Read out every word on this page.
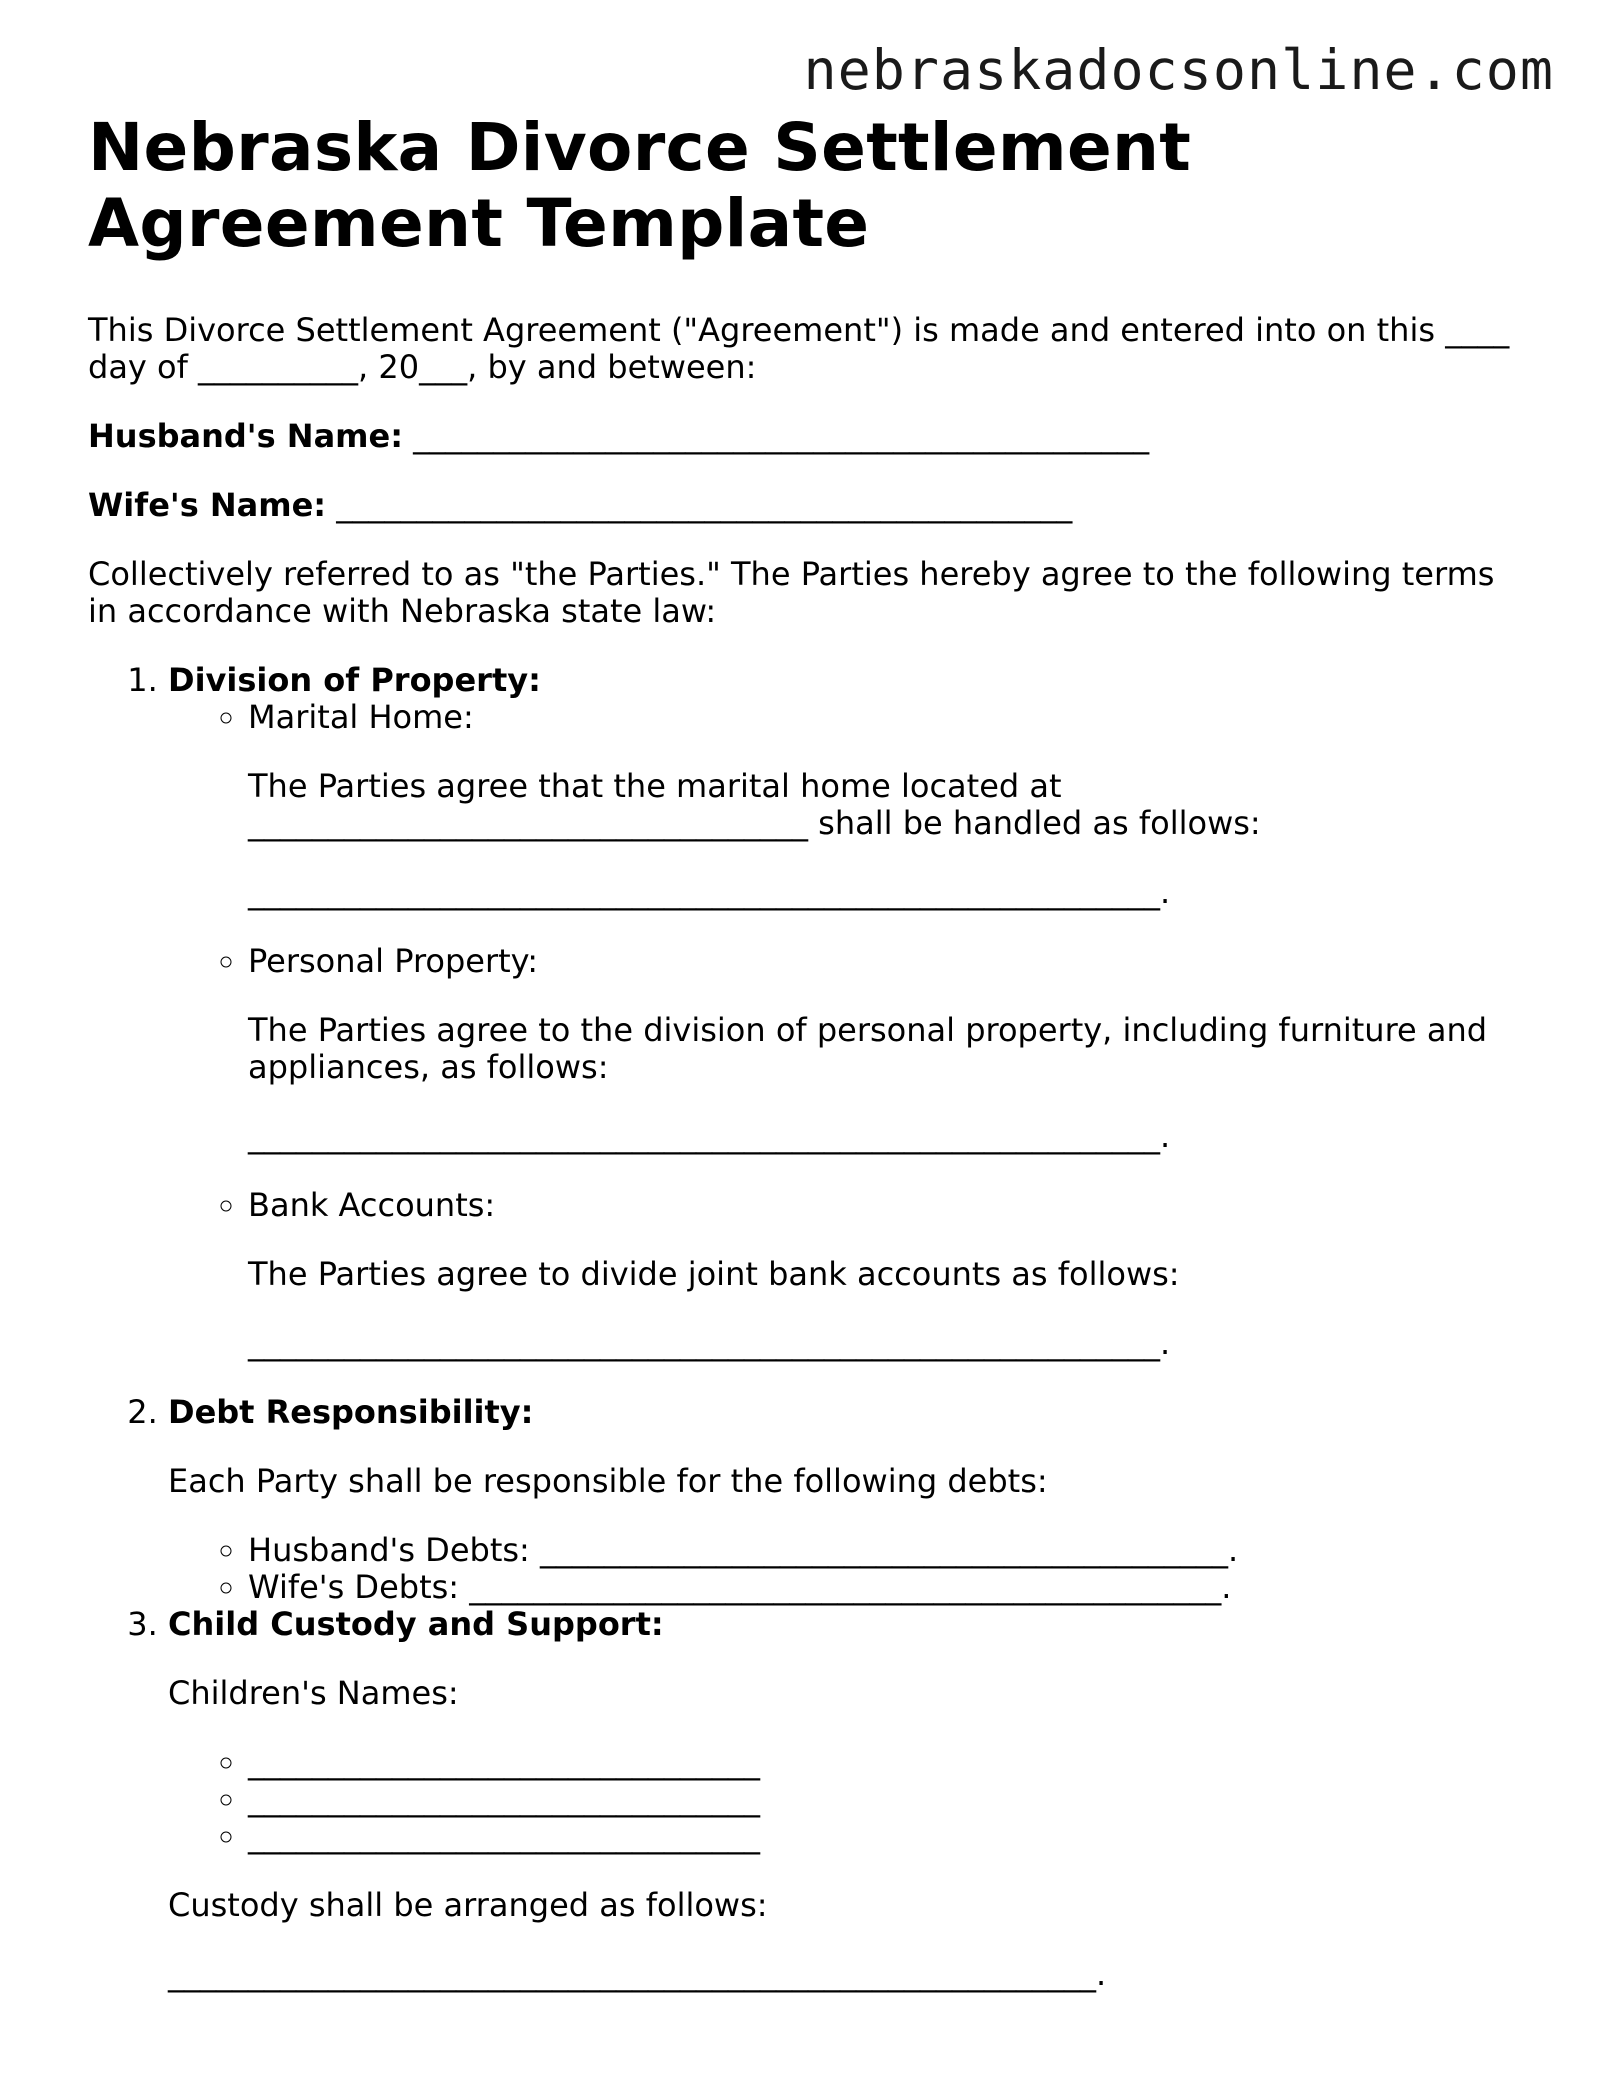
nebraskadocsonline.com

Nebraska Divorce Settlement Agreement Template

This Divorce Settlement Agreement ("Agreement") is made and entered into on this ____ day of __________, 20___, by and between:

Husband's Name: ______________________________________________

Wife's Name: ______________________________________________

Collectively referred to as "the Parties." The Parties hereby agree to the following terms in accordance with Nebraska state law:

1. Division of Property:
◦ Marital Home:
The Parties agree that the marital home located at ___________________________________ shall be handled as follows:
_________________________________________________________.
◦ Personal Property:
The Parties agree to the division of personal property, including furniture and appliances, as follows:
_________________________________________________________.
◦ Bank Accounts:
The Parties agree to divide joint bank accounts as follows:
_________________________________________________________.
2. Debt Responsibility:
Each Party shall be responsible for the following debts:
◦ Husband's Debts: ___________________________________________.
◦ Wife's Debts: _______________________________________________.
3. Child Custody and Support:
Children's Names:
◦ ________________________________
◦ ________________________________
◦ ________________________________
Custody shall be arranged as follows:
__________________________________________________________.
